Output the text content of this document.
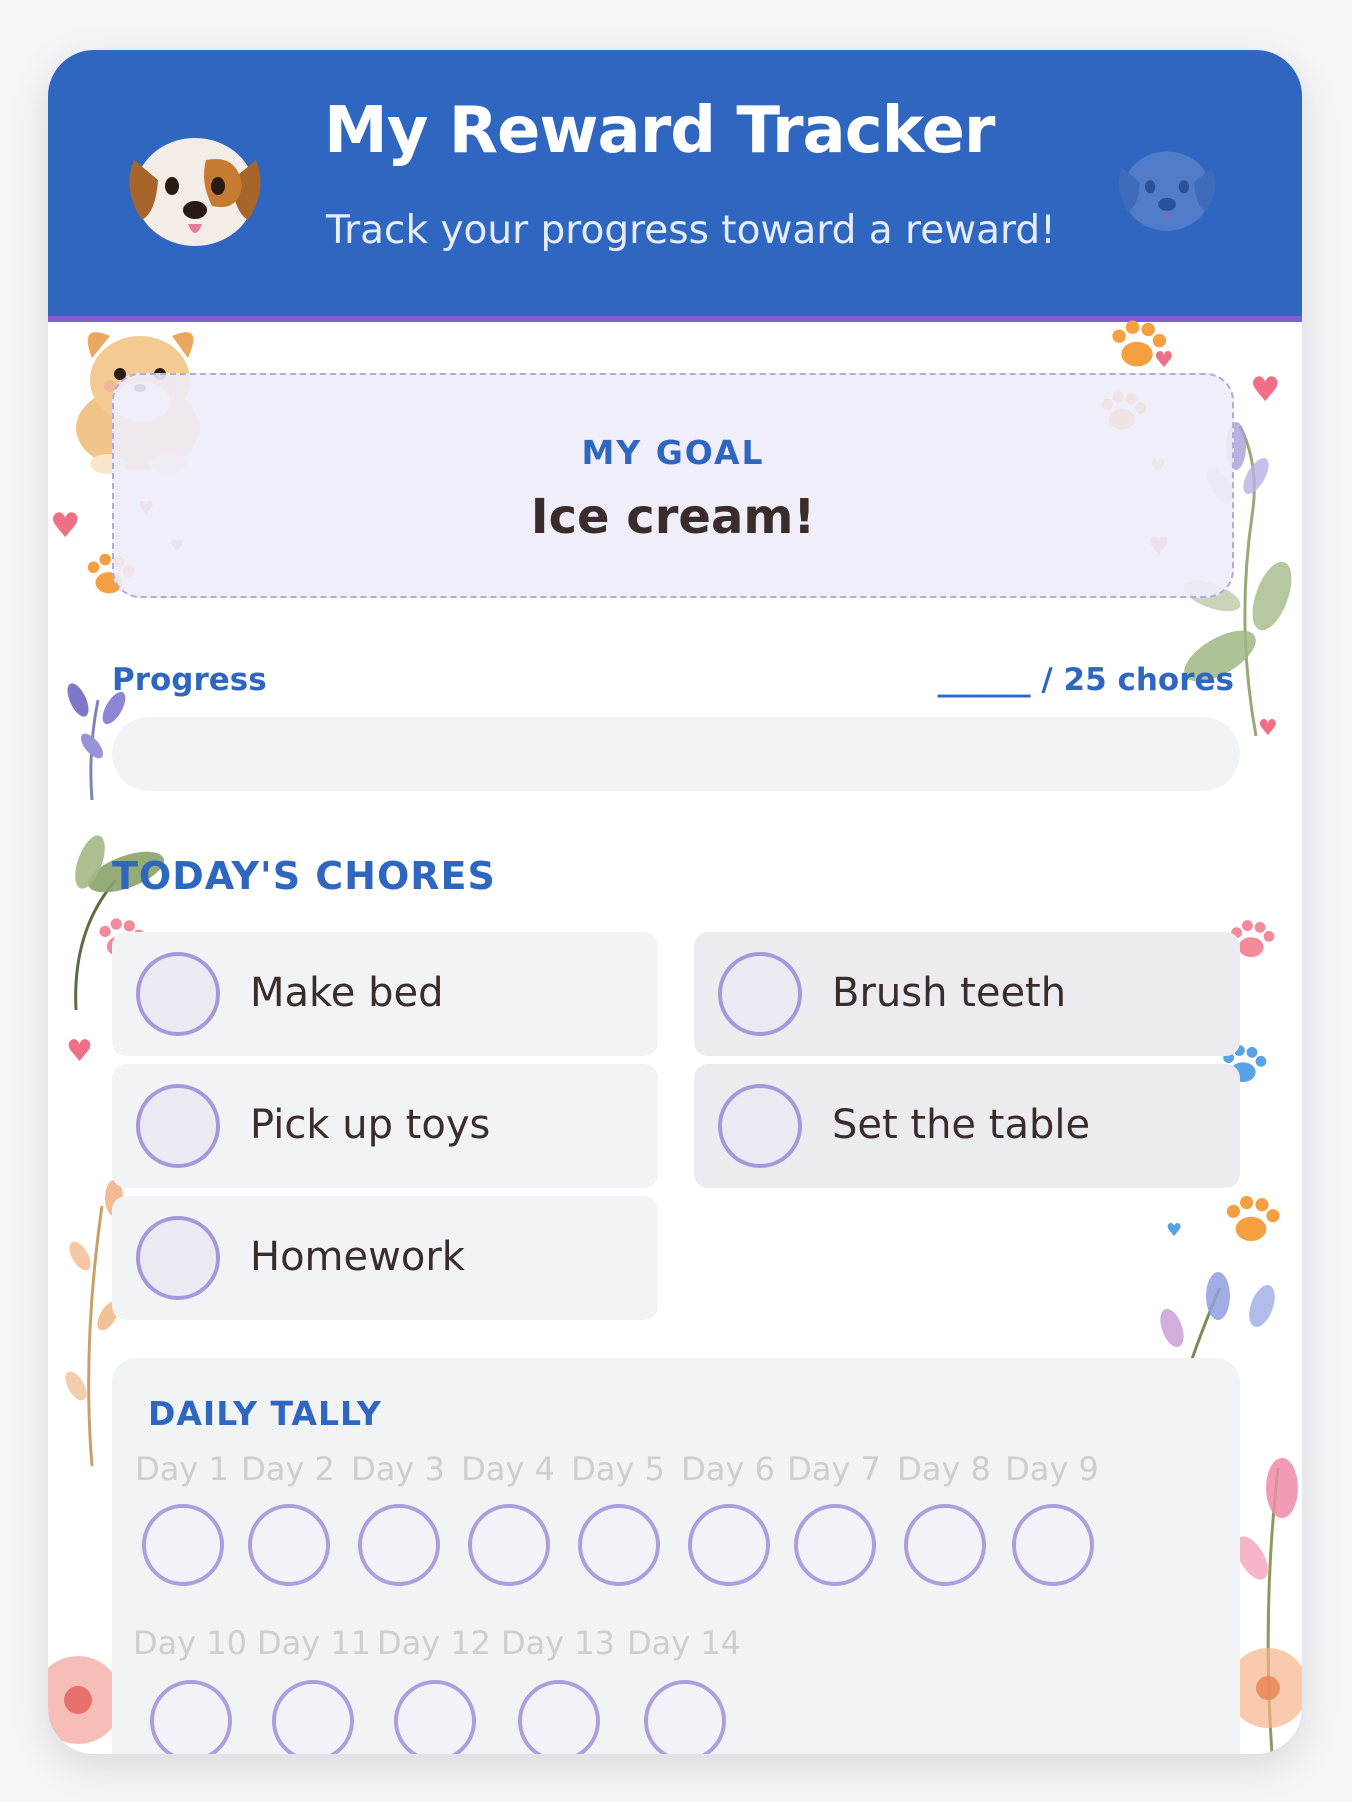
My Reward Tracker
Track your progress toward a reward!
♥
♥
♥
♥
♥
♥
MY GOAL
Ice cream!
Progress	______ / 25 chores
TODAY'S CHORES
Make bed	Brush teeth
Pick up toys	Set the table
Homework
DAILY TALLY
Day 1 Day 2 Day 3 Day 4 Day 5 Day 6 Day 7 Day 8 Day 9
Day 10 Day 11 Day 12 Day 13 Day 14
